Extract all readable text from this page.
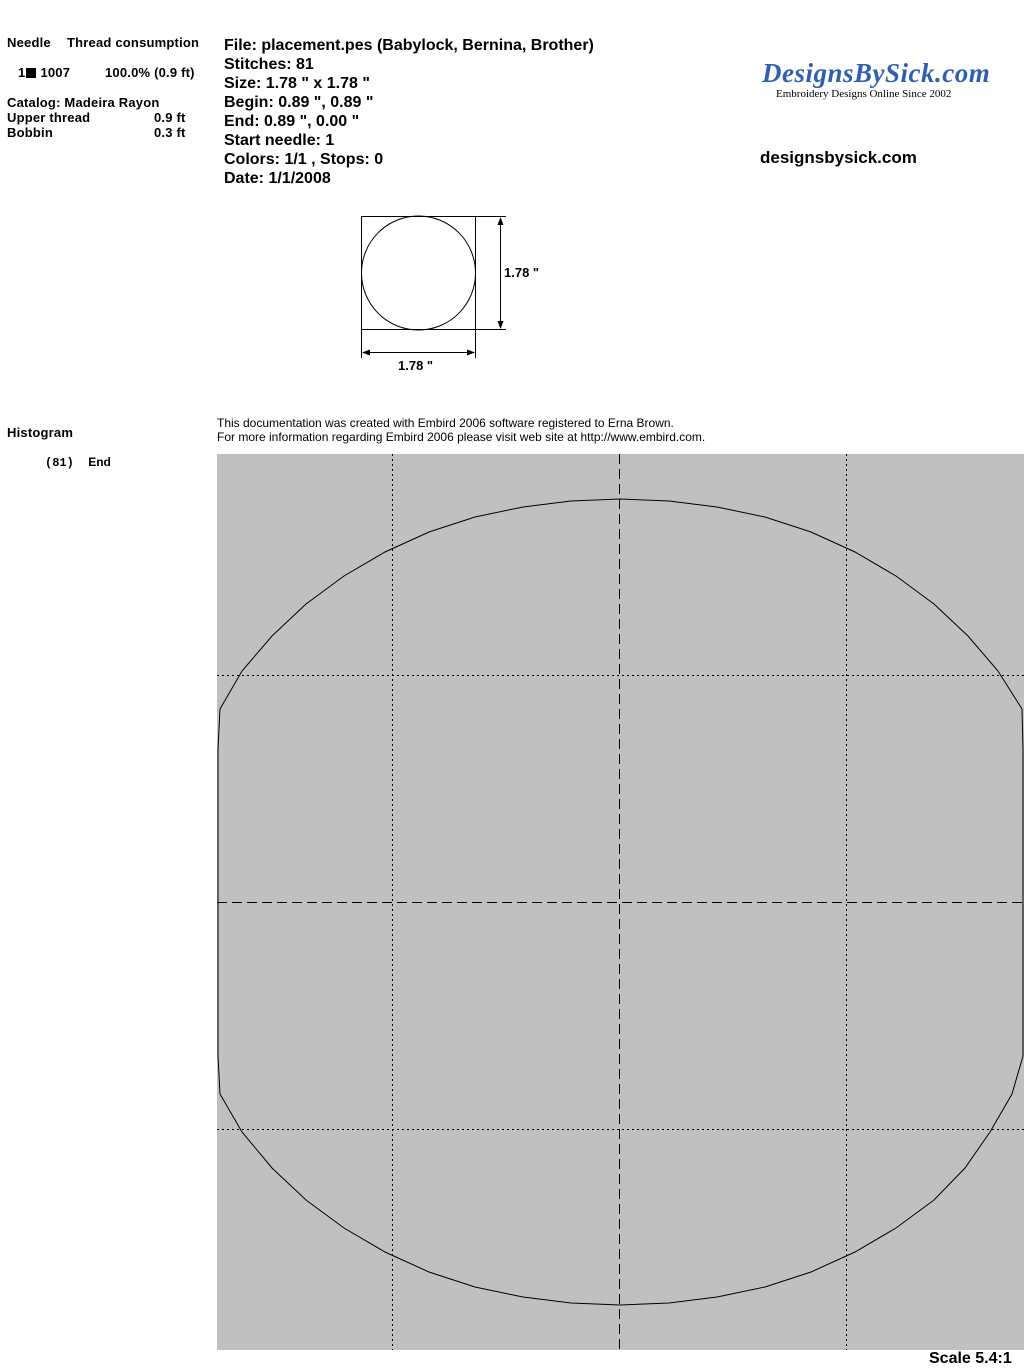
Needle Thread consumption
1 1007	100.0% (0.9 ft)
Catalog: Madeira Rayon
Upper thread	0.9 ft
Bobbin	0.3 ft
File: placement.pes (Babylock, Bernina, Brother)
Stitches: 81
Size: 1.78 " x 1.78 "
Begin: 0.89 ", 0.89 "
End: 0.89 ", 0.00 "
Start needle: 1
Colors: 1/1 , Stops: 0
Date: 1/1/2008
DesignsBySick.com
Embroidery Designs Online Since 2002
designsbysick.com
1.78 "
1.78 "
Histogram
(81) End
This documentation was created with Embird 2006 software registered to Erna Brown.
For more information regarding Embird 2006 please visit web site at http://www.embird.com.
Scale 5.4:1
